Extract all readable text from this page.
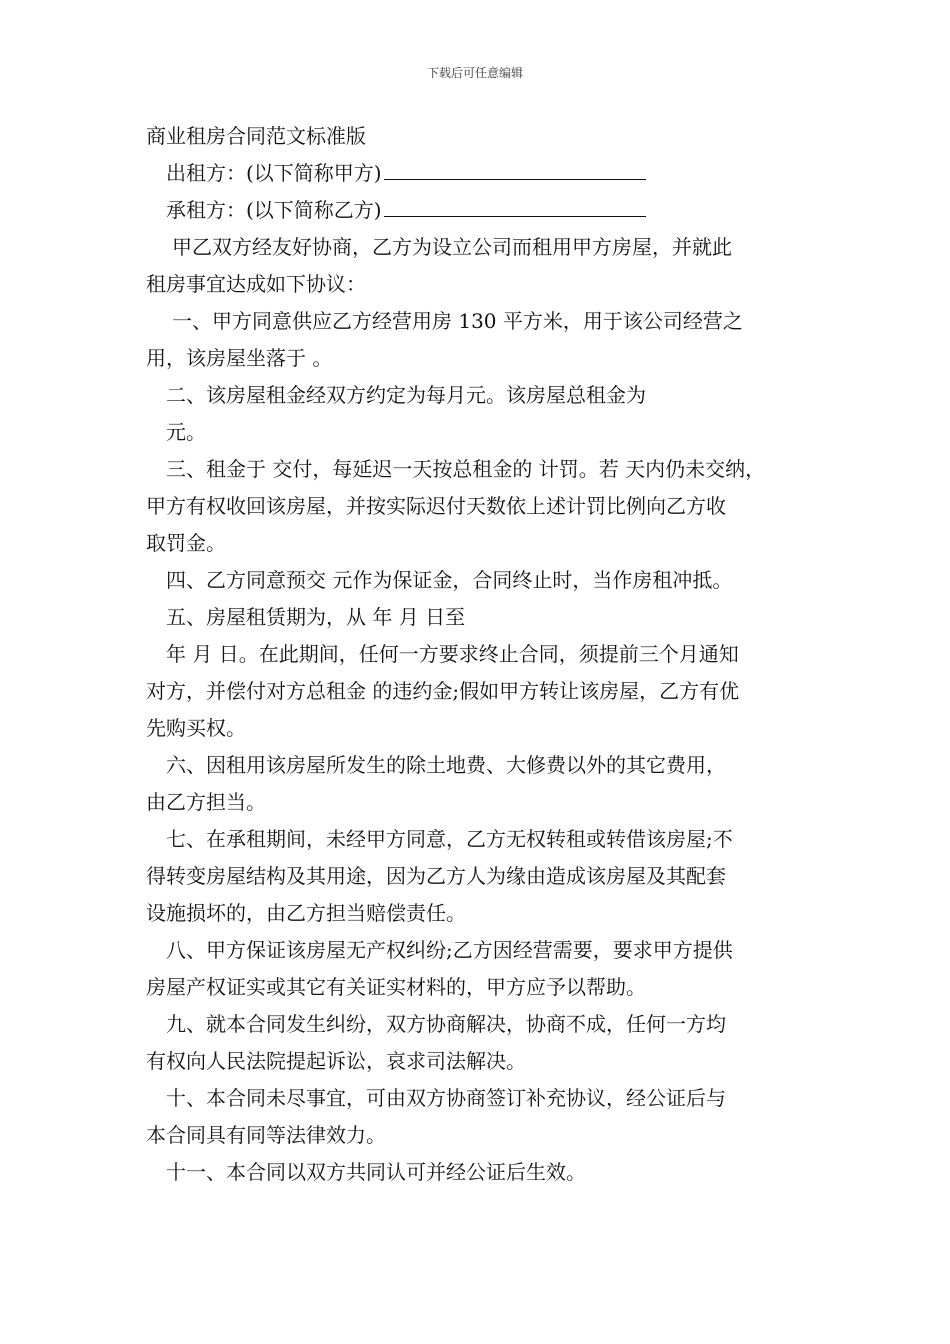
下载后可任意编辑
商业租房合同范文标准版
出租方：(以下简称甲方)
承租方：(以下简称乙方)
甲乙双方经友好协商，乙方为设立公司而租用甲方房屋，并就此
租房事宜达成如下协议：
一、甲方同意供应乙方经营用房 130 平方米，用于该公司经营之
用，该房屋坐落于 。
二、该房屋租金经双方约定为每月元。该房屋总租金为
元。
三、租金于 交付，每延迟一天按总租金的 计罚。若 天内仍未交纳，
甲方有权收回该房屋，并按实际迟付天数依上述计罚比例向乙方收
取罚金。
四、乙方同意预交 元作为保证金，合同终止时，当作房租冲抵。
五、房屋租赁期为，从 年 月 日至
年 月 日。在此期间，任何一方要求终止合同，须提前三个月通知
对方，并偿付对方总租金 的违约金;假如甲方转让该房屋，乙方有优
先购买权。
六、因租用该房屋所发生的除土地费、大修费以外的其它费用，
由乙方担当。
七、在承租期间，未经甲方同意，乙方无权转租或转借该房屋;不
得转变房屋结构及其用途，因为乙方人为缘由造成该房屋及其配套
设施损坏的，由乙方担当赔偿责任。
八、甲方保证该房屋无产权纠纷;乙方因经营需要，要求甲方提供
房屋产权证实或其它有关证实材料的，甲方应予以帮助。
九、就本合同发生纠纷，双方协商解决，协商不成，任何一方均
有权向人民法院提起诉讼，哀求司法解决。
十、本合同未尽事宜，可由双方协商签订补充协议，经公证后与
本合同具有同等法律效力。
十一、本合同以双方共同认可并经公证后生效。
